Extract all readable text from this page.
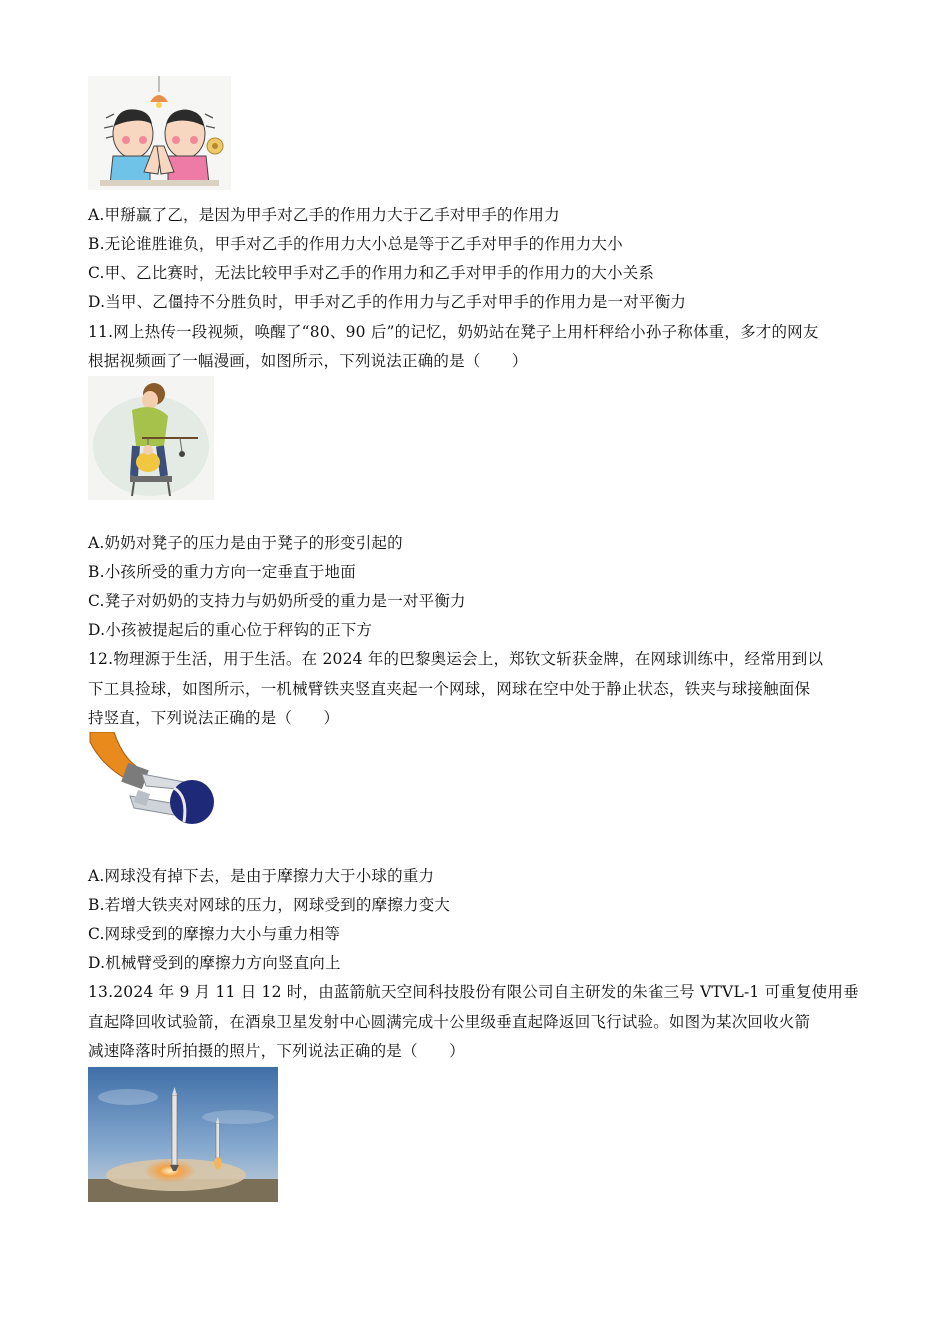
A.甲掰赢了乙，是因为甲手对乙手的作用力大于乙手对甲手的作用力
B.无论谁胜谁负，甲手对乙手的作用力大小总是等于乙手对甲手的作用力大小
C.甲、乙比赛时，无法比较甲手对乙手的作用力和乙手对甲手的作用力的大小关系
D.当甲、乙僵持不分胜负时，甲手对乙手的作用力与乙手对甲手的作用力是一对平衡力
11.网上热传一段视频，唤醒了“80、90 后”的记忆，奶奶站在凳子上用杆秤给小孙子称体重，多才的网友
根据视频画了一幅漫画，如图所示，下列说法正确的是（　　）
A.奶奶对凳子的压力是由于凳子的形变引起的
B.小孩所受的重力方向一定垂直于地面
C.凳子对奶奶的支持力与奶奶所受的重力是一对平衡力
D.小孩被提起后的重心位于秤钩的正下方
12.物理源于生活，用于生活。在 2024 年的巴黎奥运会上，郑钦文斩获金牌，在网球训练中，经常用到以
下工具捡球，如图所示，一机械臂铁夹竖直夹起一个网球，网球在空中处于静止状态，铁夹与球接触面保
持竖直，下列说法正确的是（　　）
A.网球没有掉下去，是由于摩擦力大于小球的重力
B.若增大铁夹对网球的压力，网球受到的摩擦力变大
C.网球受到的摩擦力大小与重力相等
D.机械臂受到的摩擦力方向竖直向上
13.2024 年 9 月 11 日 12 时，由蓝箭航天空间科技股份有限公司自主研发的朱雀三号 VTVL-1 可重复使用垂
直起降回收试验箭，在酒泉卫星发射中心圆满完成十公里级垂直起降返回飞行试验。如图为某次回收火箭
减速降落时所拍摄的照片，下列说法正确的是（　　）
